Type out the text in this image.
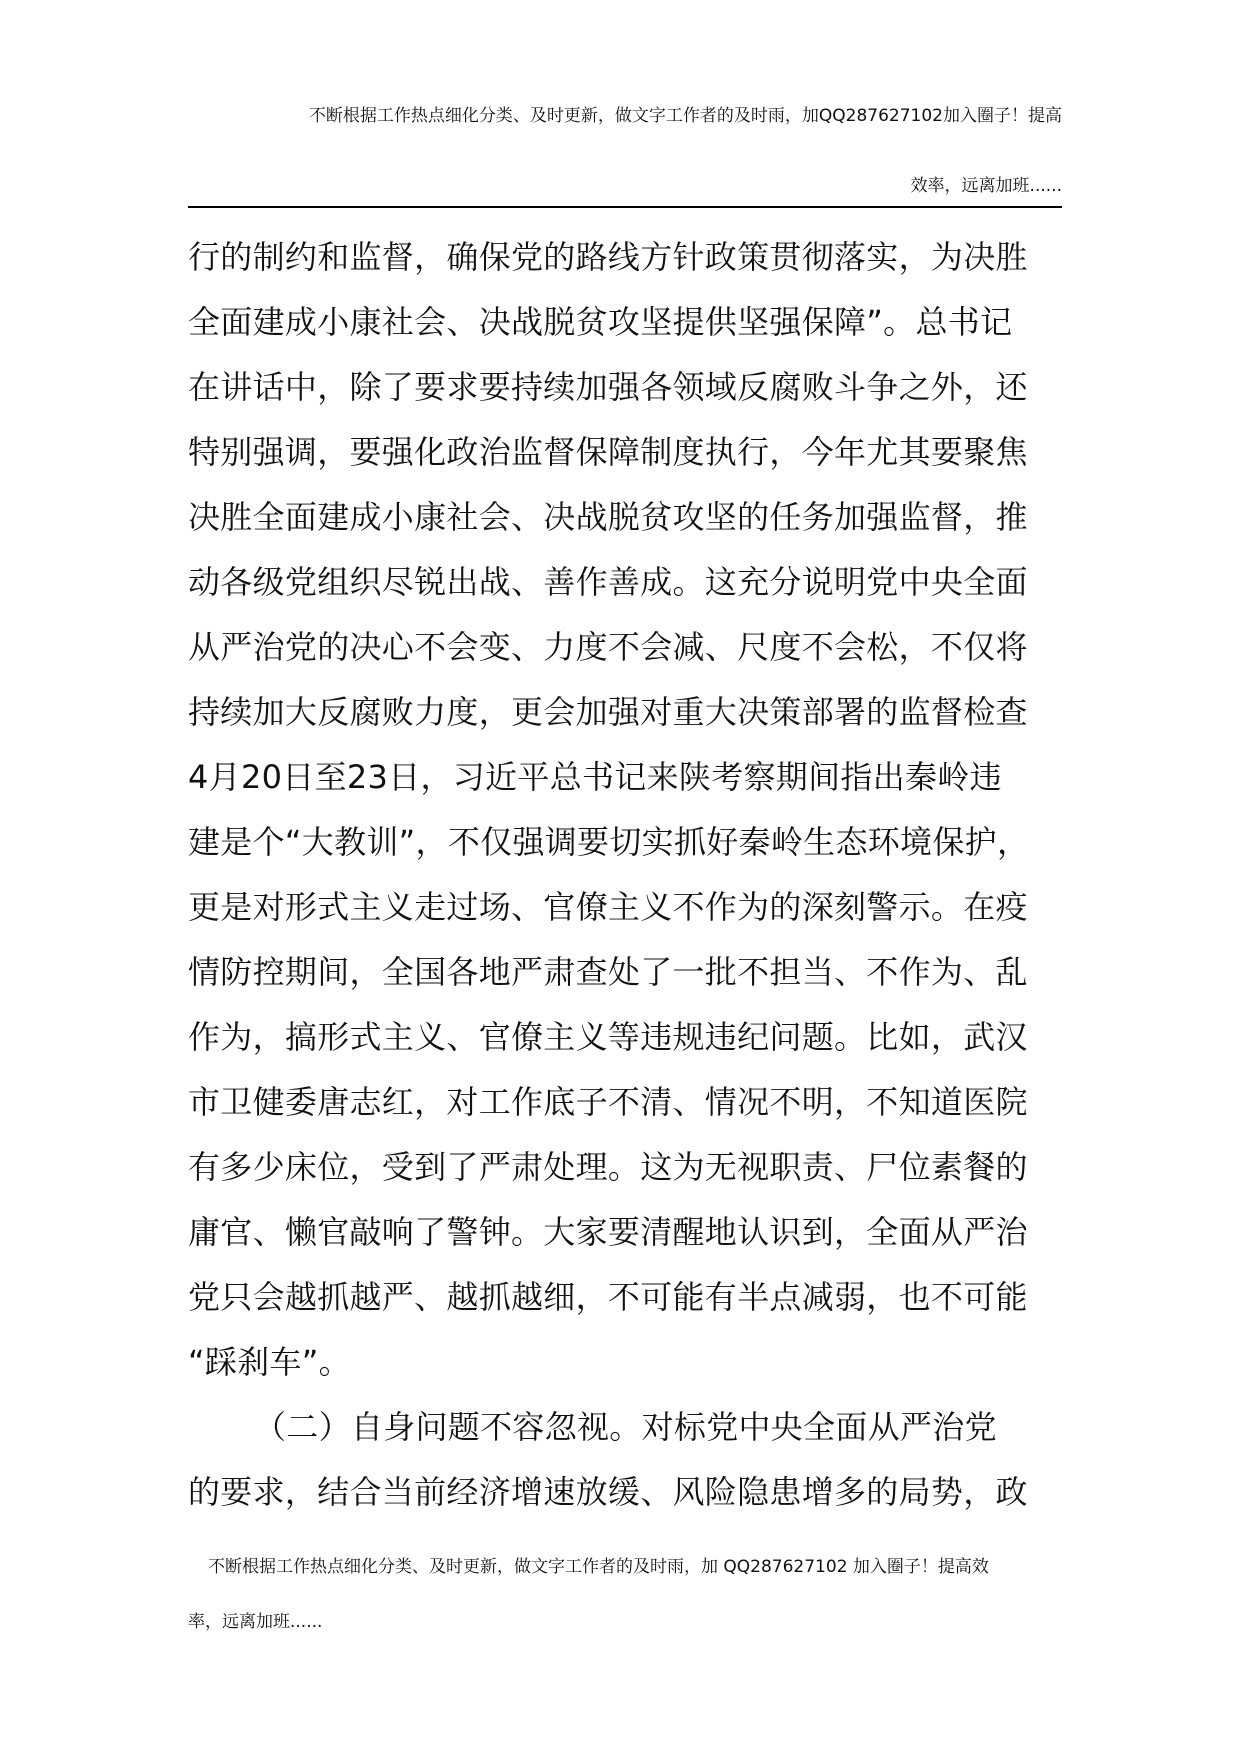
不断根据工作热点细化分类、及时更新，做文字工作者的及时雨，加QQ287627102加入圈子！提高
效率，远离加班......
行的制约和监督，确保党的路线方针政策贯彻落实，为决胜
全面建成小康社会、决战脱贫攻坚提供坚强保障”。总书记
在讲话中，除了要求要持续加强各领域反腐败斗争之外，还
特别强调，要强化政治监督保障制度执行，今年尤其要聚焦
决胜全面建成小康社会、决战脱贫攻坚的任务加强监督，推
动各级党组织尽锐出战、善作善成。这充分说明党中央全面
从严治党的决心不会变、力度不会减、尺度不会松，不仅将
持续加大反腐败力度，更会加强对重大决策部署的监督检查
4月20日至23日，习近平总书记来陕考察期间指出秦岭违
建是个“大教训”，不仅强调要切实抓好秦岭生态环境保护，
更是对形式主义走过场、官僚主义不作为的深刻警示。在疫
情防控期间，全国各地严肃查处了一批不担当、不作为、乱
作为，搞形式主义、官僚主义等违规违纪问题。比如，武汉
市卫健委唐志红，对工作底子不清、情况不明，不知道医院
有多少床位，受到了严肃处理。这为无视职责、尸位素餐的
庸官、懒官敲响了警钟。大家要清醒地认识到，全面从严治
党只会越抓越严、越抓越细，不可能有半点减弱，也不可能
“踩刹车”。
（二）自身问题不容忽视。对标党中央全面从严治党
的要求，结合当前经济增速放缓、风险隐患增多的局势，政
不断根据工作热点细化分类、及时更新，做文字工作者的及时雨，加 QQ287627102 加入圈子！提高效
率，远离加班......
